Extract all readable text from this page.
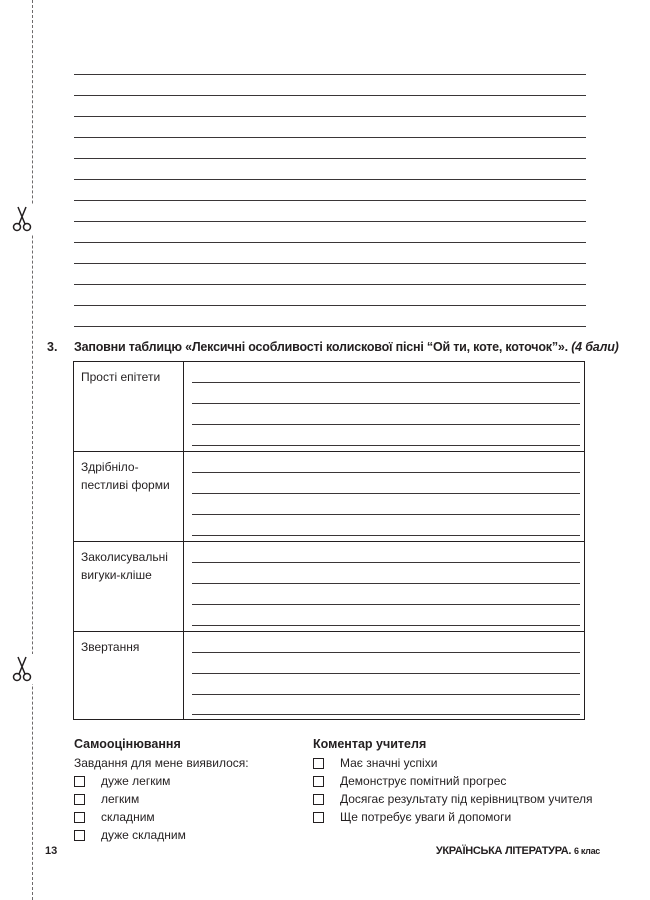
3. Заповни таблицю «Лексичні особливості колискової пісні “Ой ти, коте, коточок”». (4 бали)
Прості епітети
Здрібніло-пестливі форми
Заколисувальні вигуки-кліше
Звертання
Самооцінювання
Завдання для мене виявилося:
дуже легким
легким
складним
дуже складним
Коментар учителя
Має значні успіхи
Демонструє помітний прогрес
Досягає результату під керівництвом учителя
Ще потребує уваги й допомоги
13	УКРАЇНСЬКА ЛІТЕРАТУРА. 6 клас
